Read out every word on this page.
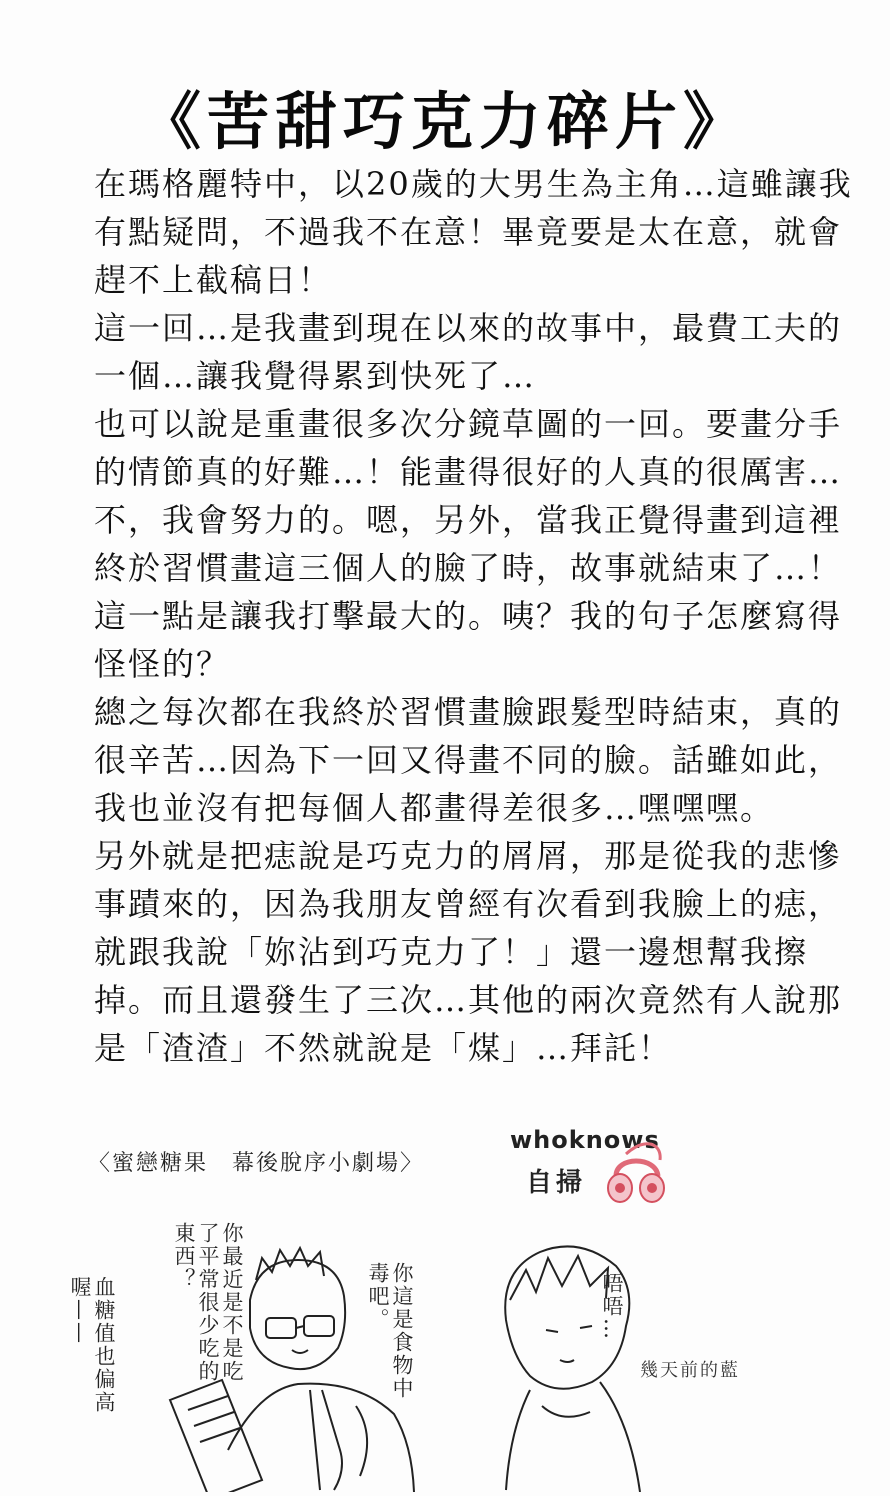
《苦甜巧克力碎片》

在瑪格麗特中，以20歲的大男生為主角…這雖讓我有點疑問，不過我不在意！畢竟要是太在意，就會趕不上截稿日！

這一回…是我畫到現在以來的故事中，最費工夫的一個…讓我覺得累到快死了…

也可以說是重畫很多次分鏡草圖的一回。要畫分手的情節真的好難…！能畫得很好的人真的很厲害…不，我會努力的。嗯，另外，當我正覺得畫到這裡終於習慣畫這三個人的臉了時，故事就結束了…！這一點是讓我打擊最大的。咦？我的句子怎麼寫得怪怪的？

總之每次都在我終於習慣畫臉跟髮型時結束，真的很辛苦…因為下一回又得畫不同的臉。話雖如此，我也並沒有把每個人都畫得差很多…嘿嘿嘿。

另外就是把痣說是巧克力的屑屑，那是從我的悲慘事蹟來的，因為我朋友曾經有次看到我臉上的痣，就跟我說「妳沾到巧克力了！」還一邊想幫我擦掉。而且還發生了三次…其他的兩次竟然有人說那是「渣渣」不然就說是「煤」…拜託！

〈蜜戀糖果　幕後脫序小劇場〉
whoknows
自掃
你最近是不是吃了平常很少吃的東西？
你這是食物中毒吧。
血糖值也偏高喔——	唔唔…
幾天前的藍
